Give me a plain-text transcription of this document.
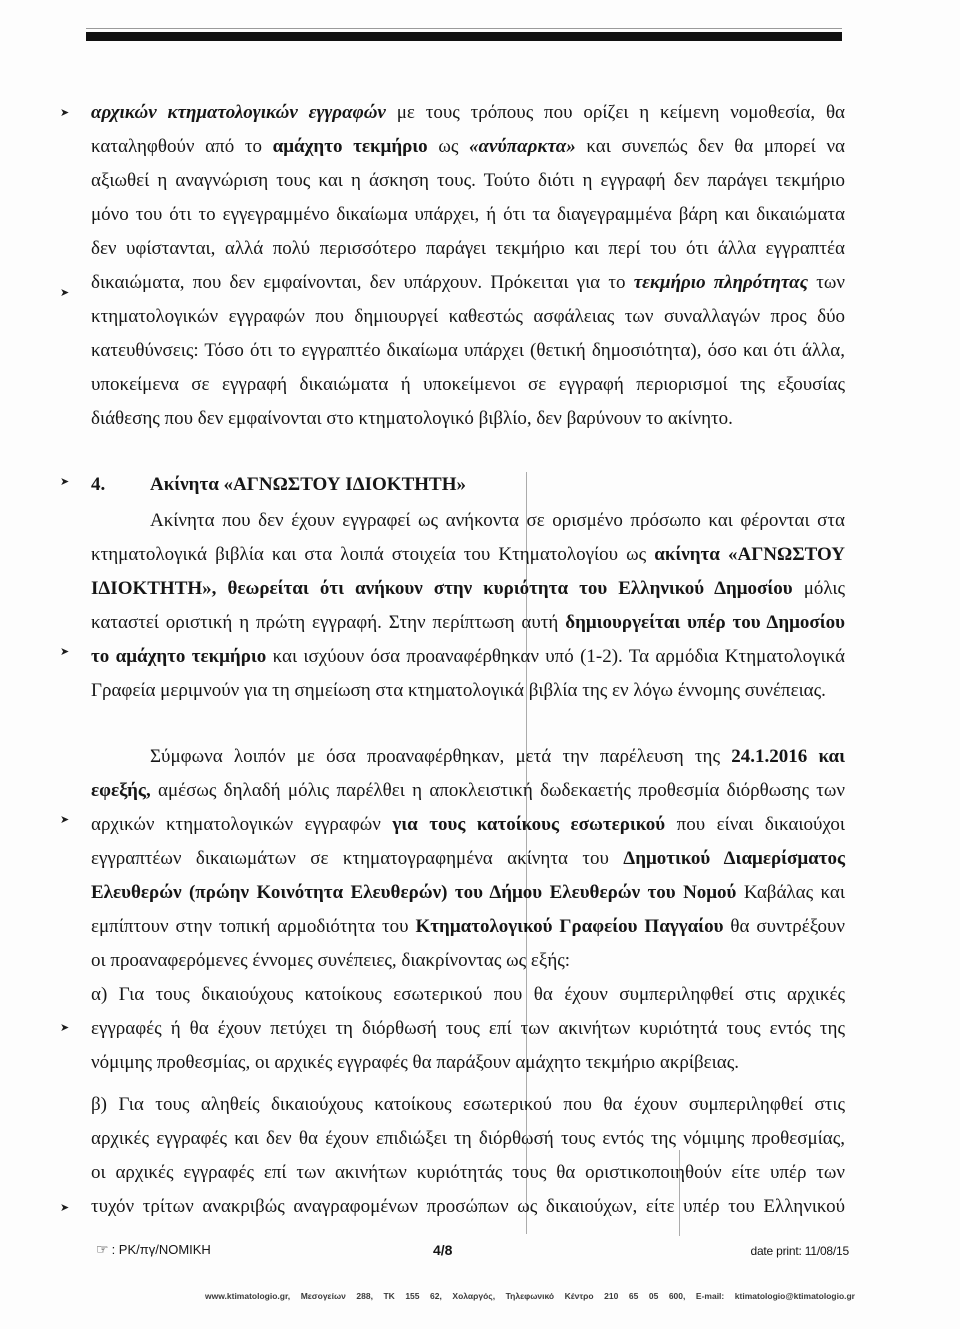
➤
➤
➤
➤
➤
➤
➤
αρχικών κτηματολογικών εγγραφών με τους τρόπους που ορίζει η κείμενη νομοθεσία, θα
καταληφθούν από το αμάχητο τεκμήριο ως «ανύπαρκτα» και συνεπώς δεν θα μπορεί να
αξιωθεί η αναγνώριση τους και η άσκηση τους. Τούτο διότι η εγγραφή δεν παράγει τεκμήριο
μόνο του ότι το εγγεγραμμένο δικαίωμα υπάρχει, ή ότι τα διαγεγραμμένα βάρη και δικαιώματα
δεν υφίστανται, αλλά πολύ περισσότερο παράγει τεκμήριο και περί του ότι άλλα εγγραπτέα
δικαιώματα, που δεν εμφαίνονται, δεν υπάρχουν. Πρόκειται για το τεκμήριο πληρότητας των
κτηματολογικών εγγραφών που δημιουργεί καθεστώς ασφάλειας των συναλλαγών προς δύο
κατευθύνσεις: Τόσο ότι το εγγραπτέο δικαίωμα υπάρχει (θετική δημοσιότητα), όσο και ότι άλλα,
υποκείμενα σε εγγραφή δικαιώματα ή υποκείμενοι σε εγγραφή περιορισμοί της εξουσίας
διάθεσης που δεν εμφαίνονται στο κτηματολογικό βιβλίο, δεν βαρύνουν το ακίνητο.
4. Ακίνητα «ΑΓΝΩΣΤΟΥ ΙΔΙΟΚΤΗΤΗ»
Ακίνητα που δεν έχουν εγγραφεί ως ανήκοντα σε ορισμένο πρόσωπο και φέρονται στα
κτηματολογικά βιβλία και στα λοιπά στοιχεία του Κτηματολογίου ως ακίνητα «ΑΓΝΩΣΤΟΥ
ΙΔΙΟΚΤΗΤΗ», θεωρείται ότι ανήκουν στην κυριότητα του Ελληνικού Δημοσίου μόλις
καταστεί οριστική η πρώτη εγγραφή. Στην περίπτωση αυτή δημιουργείται υπέρ του Δημοσίου
το αμάχητο τεκμήριο και ισχύουν όσα προαναφέρθηκαν υπό (1-2). Τα αρμόδια Κτηματολογικά
Γραφεία μεριμνούν για τη σημείωση στα κτηματολογικά βιβλία της εν λόγω έννομης συνέπειας.
Σύμφωνα λοιπόν με όσα προαναφέρθηκαν, μετά την παρέλευση της 24.1.2016 και
εφεξής, αμέσως δηλαδή μόλις παρέλθει η αποκλειστική δωδεκαετής προθεσμία διόρθωσης των
αρχικών κτηματολογικών εγγραφών για τους κατοίκους εσωτερικού που είναι δικαιούχοι
εγγραπτέων δικαιωμάτων σε κτηματογραφημένα ακίνητα του Δημοτικού Διαμερίσματος
Ελευθερών (πρώην Κοινότητα Ελευθερών) του Δήμου Ελευθερών του Νομού Καβάλας και
εμπίπτουν στην τοπική αρμοδιότητα του Κτηματολογικού Γραφείου Παγγαίου θα συντρέξουν
οι προαναφερόμενες έννομες συνέπειες, διακρίνοντας ως εξής:
α) Για τους δικαιούχους κατοίκους εσωτερικού που θα έχουν συμπεριληφθεί στις αρχικές
εγγραφές ή θα έχουν πετύχει τη διόρθωσή τους επί των ακινήτων κυριότητά τους εντός της
νόμιμης προθεσμίας, οι αρχικές εγγραφές θα παράξουν αμάχητο τεκμήριο ακρίβειας.
β) Για τους αληθείς δικαιούχους κατοίκους εσωτερικού που θα έχουν συμπεριληφθεί στις
αρχικές εγγραφές και δεν θα έχουν επιδιώξει τη διόρθωσή τους εντός της νόμιμης προθεσμίας,
οι αρχικές εγγραφές επί των ακινήτων κυριότητάς τους θα οριστικοποιηθούν είτε υπέρ των
τυχόν τρίτων ανακριβώς αναγραφομένων προσώπων ως δικαιούχων, είτε υπέρ του Ελληνικού
☞ : ΡΚ/πγ/ΝΟΜΙΚΗ	4/8	date print: 11/08/15
www.ktimatologio.gr, Μεσογείων 288, ΤΚ 155 62, Χολαργός, Τηλεφωνικό Κέντρο 210 65 05 600, E-mail: ktimatologio@ktimatologio.gr
